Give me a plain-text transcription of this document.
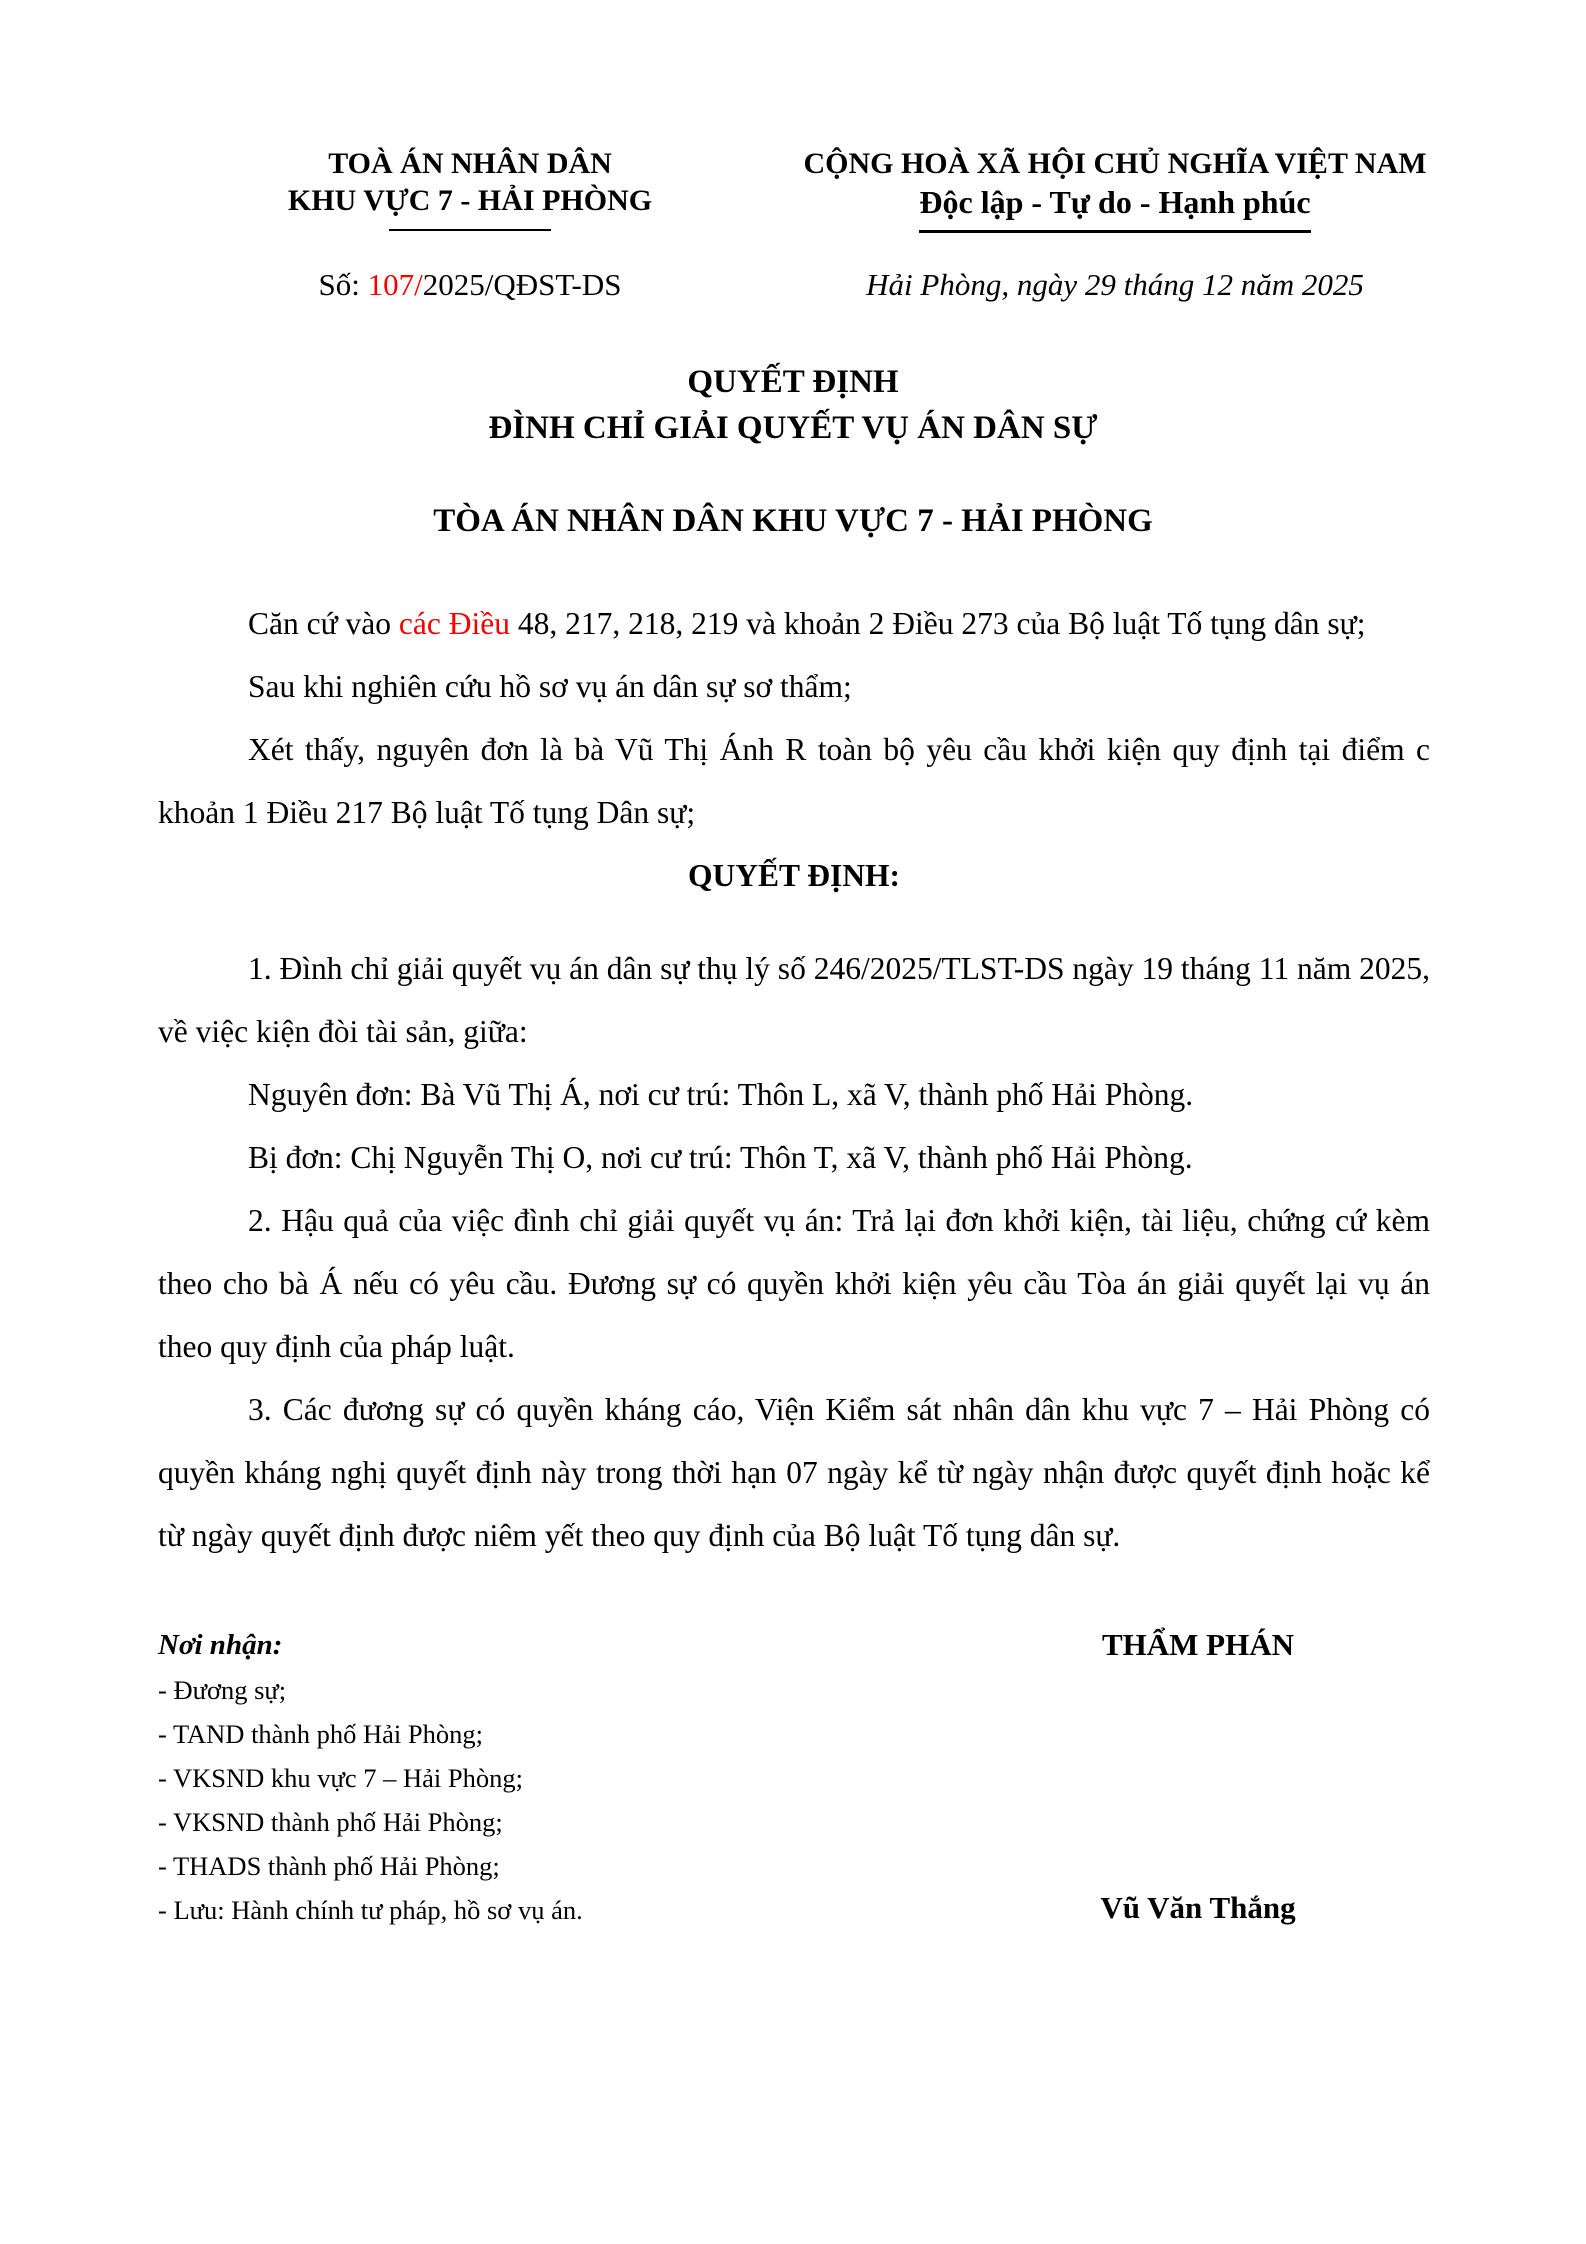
TOÀ ÁN NHÂN DÂN
KHU VỰC 7 - HẢI PHÒNG
CỘNG HOÀ XÃ HỘI CHỦ NGHĨA VIỆT NAM
Độc lập - Tự do - Hạnh phúc
Số: 107/2025/QĐST-DS	Hải Phòng, ngày 29 tháng 12 năm 2025
QUYẾT ĐỊNH
ĐÌNH CHỈ GIẢI QUYẾT VỤ ÁN DÂN SỰ
TÒA ÁN NHÂN DÂN KHU VỰC 7 - HẢI PHÒNG

Căn cứ vào các Điều 48, 217, 218, 219 và khoản 2 Điều 273 của Bộ luật Tố tụng dân sự;

Sau khi nghiên cứu hồ sơ vụ án dân sự sơ thẩm;

Xét thấy, nguyên đơn là bà Vũ Thị Ánh R toàn bộ yêu cầu khởi kiện quy định tại điểm c khoản 1 Điều 217 Bộ luật Tố tụng Dân sự;

QUYẾT ĐỊNH:

1. Đình chỉ giải quyết vụ án dân sự thụ lý số 246/2025/TLST-DS ngày 19 tháng 11 năm 2025, về việc kiện đòi tài sản, giữa:

Nguyên đơn: Bà Vũ Thị Á, nơi cư trú: Thôn L, xã V, thành phố Hải Phòng.

Bị đơn: Chị Nguyễn Thị O, nơi cư trú: Thôn T, xã V, thành phố Hải Phòng.

2. Hậu quả của việc đình chỉ giải quyết vụ án: Trả lại đơn khởi kiện, tài liệu, chứng cứ kèm theo cho bà Á nếu có yêu cầu. Đương sự có quyền khởi kiện yêu cầu Tòa án giải quyết lại vụ án theo quy định của pháp luật.

3. Các đương sự có quyền kháng cáo, Viện Kiểm sát nhân dân khu vực 7 – Hải Phòng có quyền kháng nghị quyết định này trong thời hạn 07 ngày kể từ ngày nhận được quyết định hoặc kể từ ngày quyết định được niêm yết theo quy định của Bộ luật Tố tụng dân sự.

Nơi nhận:
- Đương sự;
- TAND thành phố Hải Phòng;
- VKSND khu vực 7 – Hải Phòng;
- VKSND thành phố Hải Phòng;
- THADS thành phố Hải Phòng;
- Lưu: Hành chính tư pháp, hồ sơ vụ án.
THẨM PHÁN
Vũ Văn Thắng
